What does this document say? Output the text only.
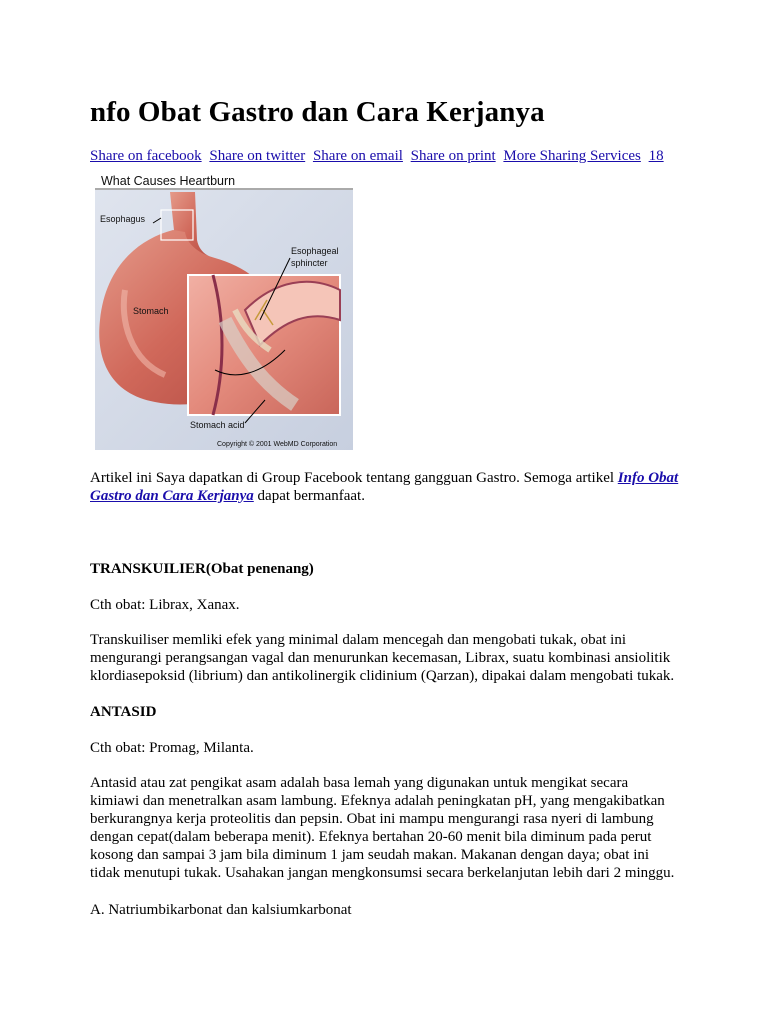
nfo Obat Gastro dan Cara Kerjanya
Share on facebook Share on twitter Share on email Share on print More Sharing Services 18
What Causes Heartburn
Esophagus
Esophageal
sphincter
Stomach
Stomach acid
Copyright © 2001 WebMD Corporation

Artikel ini Saya dapatkan di Group Facebook tentang gangguan Gastro. Semoga artikel Info Obat Gastro dan Cara Kerjanya dapat bermanfaat.

TRANSKUILIER(Obat penenang)

Cth obat: Librax, Xanax.

Transkuiliser memliki efek yang minimal dalam mencegah dan mengobati tukak, obat ini

mengurangi perangsangan vagal dan menurunkan kecemasan, Librax, suatu kombinasi ansiolitik

klordiasepoksid (librium) dan antikolinergik clidinium (Qarzan), dipakai dalam mengobati tukak.

ANTASID

Cth obat: Promag, Milanta.

Antasid atau zat pengikat asam adalah basa lemah yang digunakan untuk mengikat secara

kimiawi dan menetralkan asam lambung. Efeknya adalah peningkatan pH, yang mengakibatkan

berkurangnya kerja proteolitis dan pepsin. Obat ini mampu mengurangi rasa nyeri di lambung

dengan cepat(dalam beberapa menit). Efeknya bertahan 20-60 menit bila diminum pada perut

kosong dan sampai 3 jam bila diminum 1 jam seudah makan. Makanan dengan daya; obat ini

tidak menutupi tukak. Usahakan jangan mengkonsumsi secara berkelanjutan lebih dari 2 minggu.

A. Natriumbikarbonat dan kalsiumkarbonat
